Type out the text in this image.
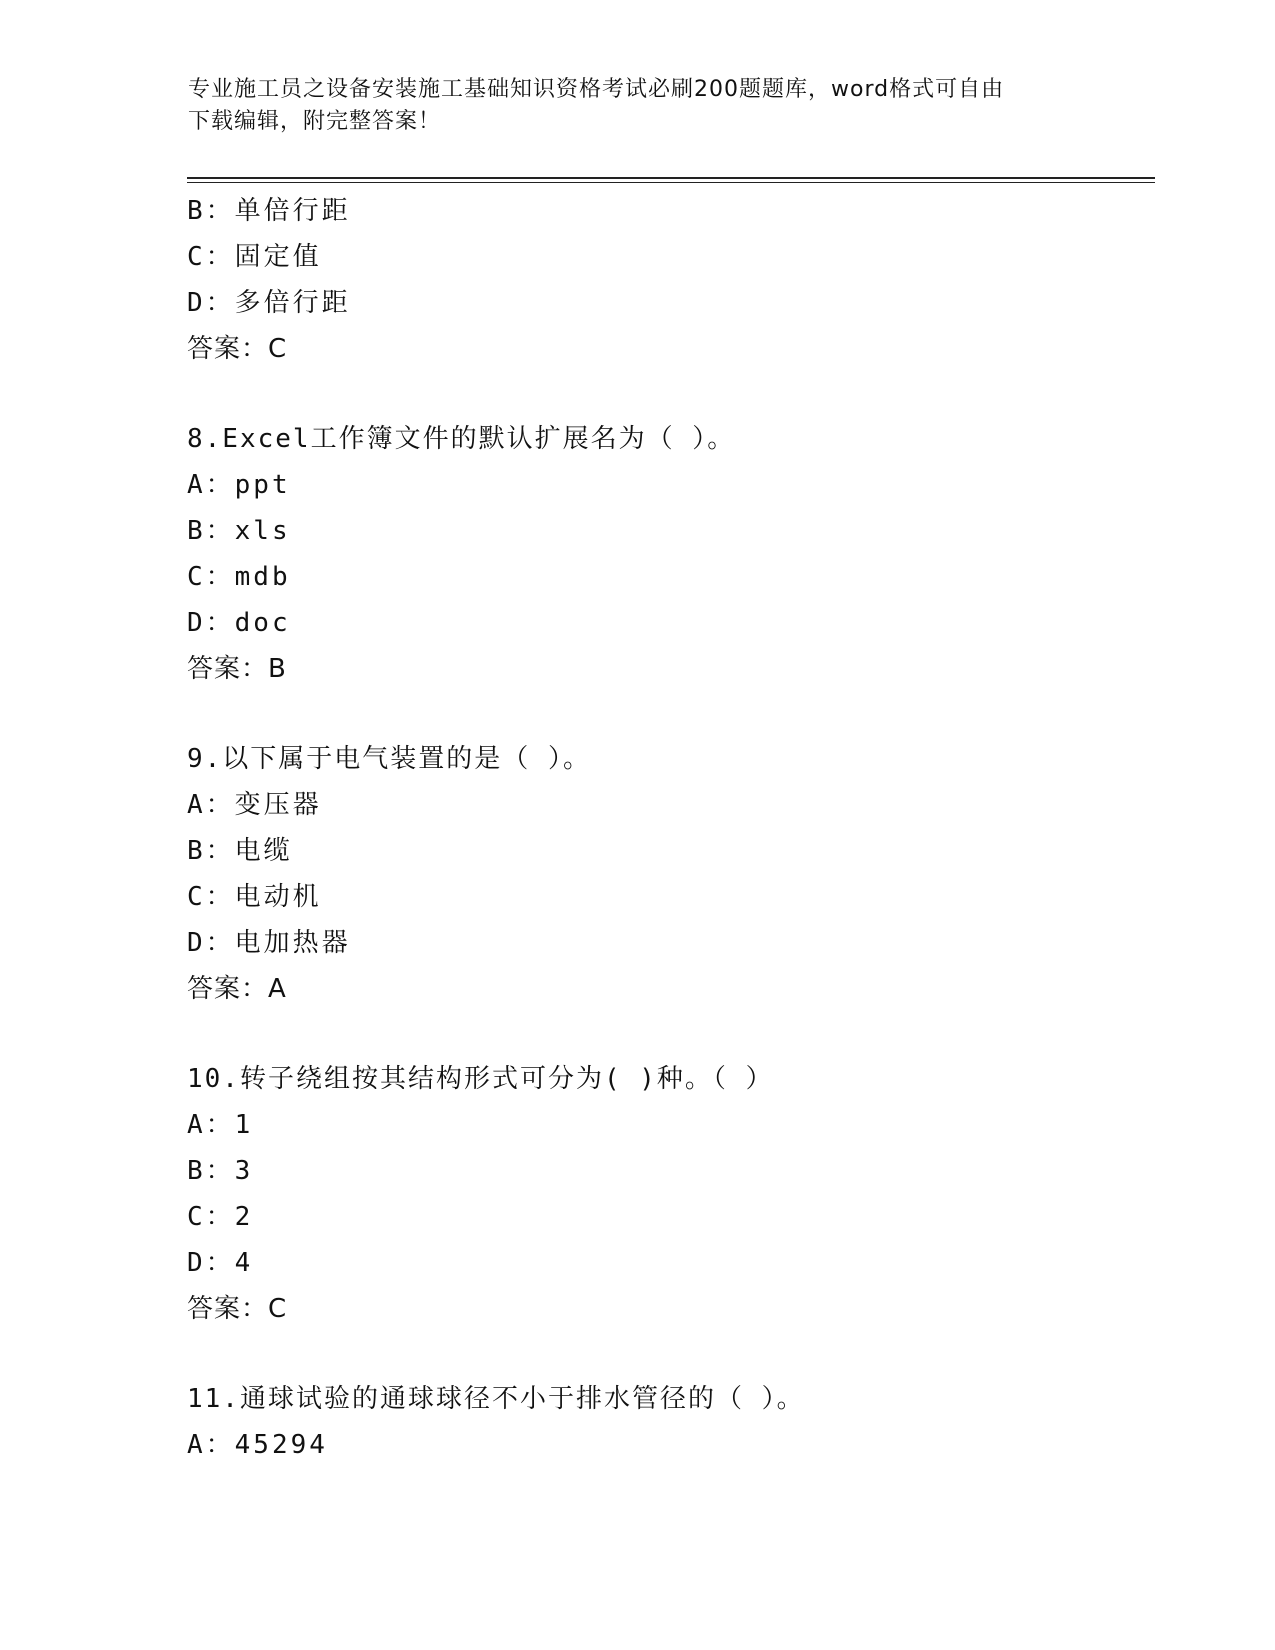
专业施工员之设备安装施工基础知识资格考试必刷200题题库，word格式可自由
下载编辑，附完整答案！
B：单倍行距
C：固定值
D：多倍行距
答案：C
8.Excel工作簿文件的默认扩展名为（ ）。
A：ppt
B：xls
C：mdb
D：doc
答案：B
9.以下属于电气装置的是（ ）。
A：变压器
B：电缆
C：电动机
D：电加热器
答案：A
10.转子绕组按其结构形式可分为( )种。（ ）
A：1
B：3
C：2
D：4
答案：C
11.通球试验的通球球径不小于排水管径的（ ）。
A：45294
